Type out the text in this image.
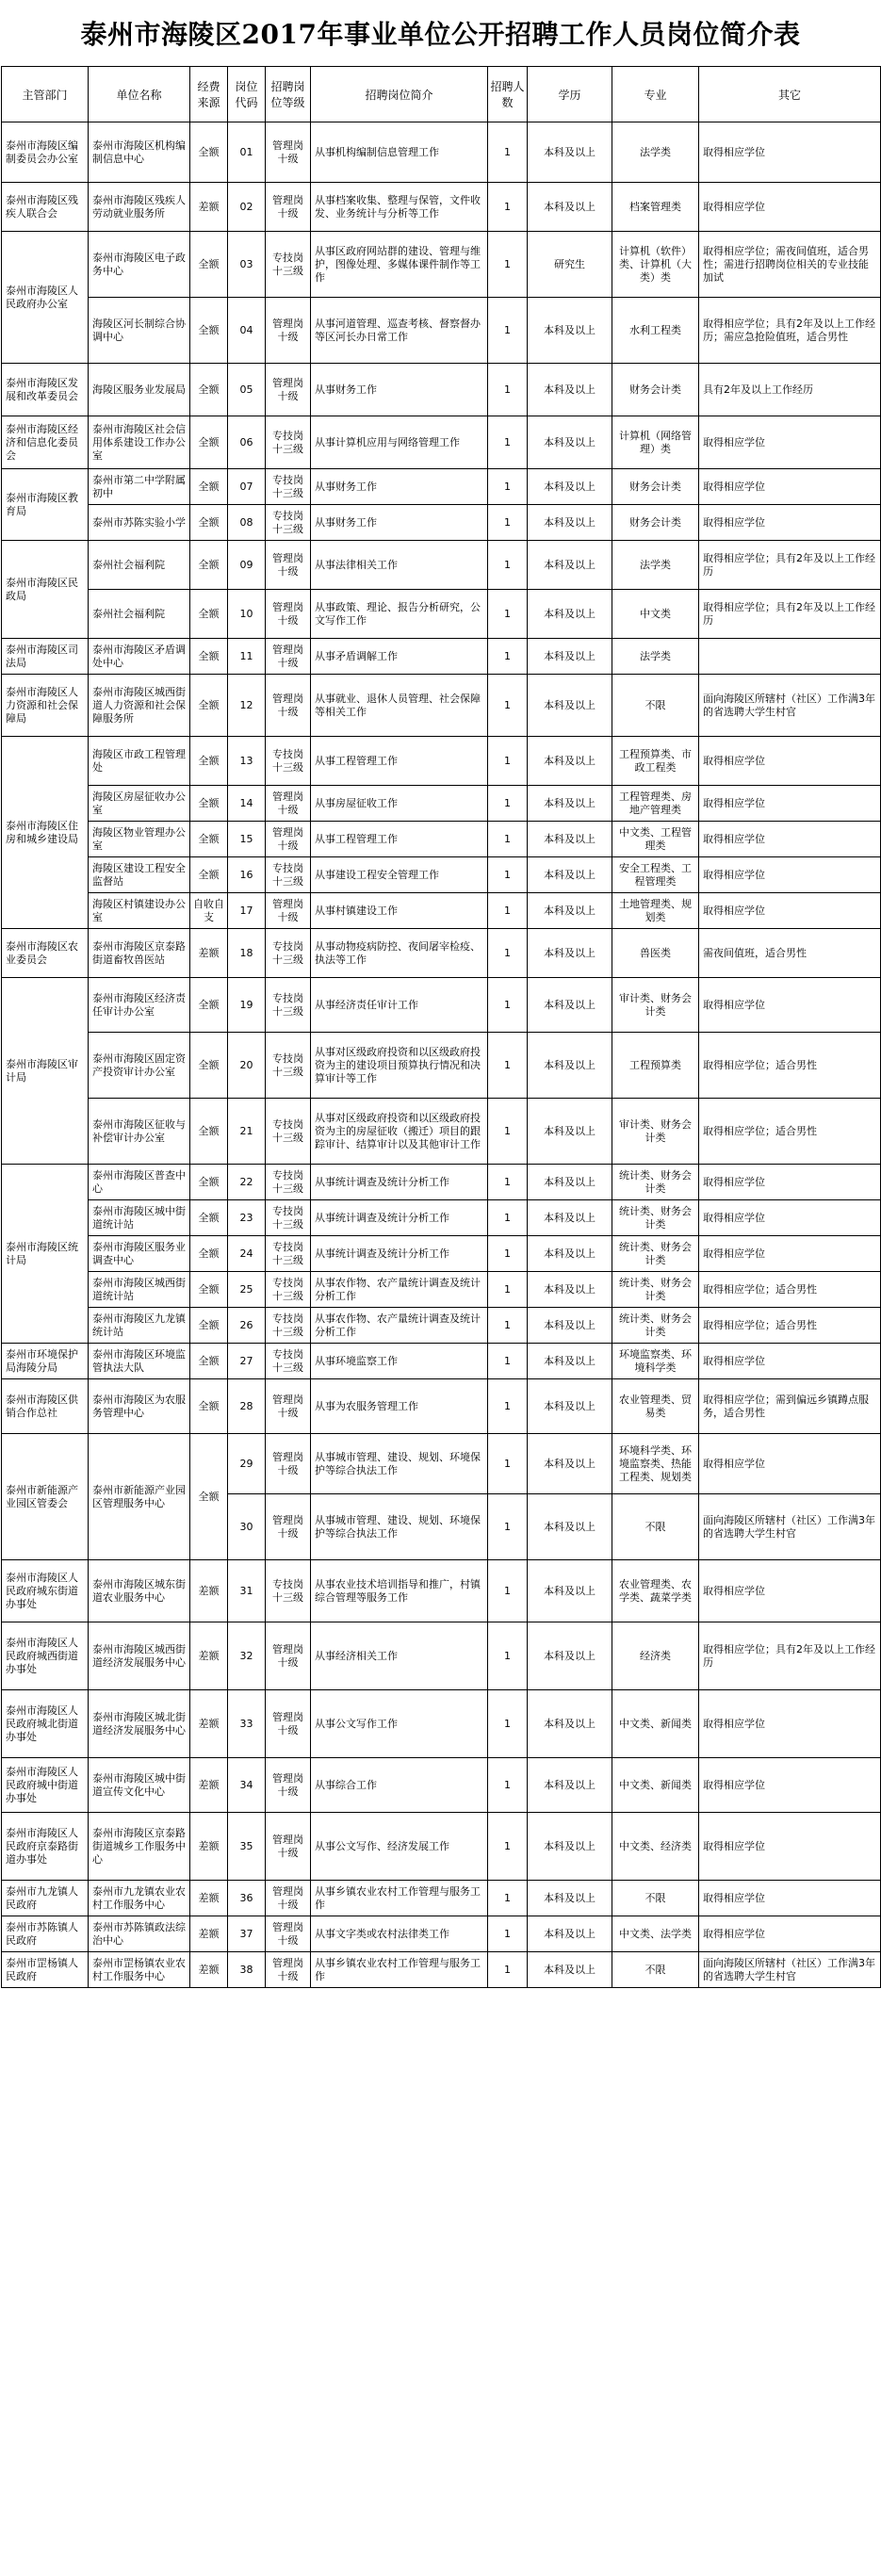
泰州市海陵区2017年事业单位公开招聘工作人员岗位简介表
主管部门	单位名称	经费来源	岗位代码	招聘岗位等级	招聘岗位简介	招聘人数	学历	专业	其它
泰州市海陵区编制委员会办公室	泰州市海陵区机构编制信息中心	全额	01	管理岗十级	从事机构编制信息管理工作	1	本科及以上	法学类	取得相应学位
泰州市海陵区残疾人联合会	泰州市海陵区残疾人劳动就业服务所	差额	02	管理岗十级	从事档案收集、整理与保管，文件收发、业务统计与分析等工作	1	本科及以上	档案管理类	取得相应学位
泰州市海陵区人民政府办公室	泰州市海陵区电子政务中心	全额	03	专技岗十三级	从事区政府网站群的建设、管理与维护，图像处理、多媒体课件制作等工作	1	研究生	计算机（软件）类、计算机（大类）类	取得相应学位；需夜间值班，适合男性；需进行招聘岗位相关的专业技能加试
	海陵区河长制综合协调中心	全额	04	管理岗十级	从事河道管理、巡查考核、督察督办等区河长办日常工作	1	本科及以上	水利工程类	取得相应学位；具有2年及以上工作经历；需应急抢险值班，适合男性
泰州市海陵区发展和改革委员会	海陵区服务业发展局	全额	05	管理岗十级	从事财务工作	1	本科及以上	财务会计类	具有2年及以上工作经历
泰州市海陵区经济和信息化委员会	泰州市海陵区社会信用体系建设工作办公室	全额	06	专技岗十三级	从事计算机应用与网络管理工作	1	本科及以上	计算机（网络管理）类	取得相应学位
泰州市海陵区教育局	泰州市第二中学附属初中	全额	07	专技岗十三级	从事财务工作	1	本科及以上	财务会计类	取得相应学位
	泰州市苏陈实验小学	全额	08	专技岗十三级	从事财务工作	1	本科及以上	财务会计类	取得相应学位
泰州市海陵区民政局	泰州社会福利院	全额	09	管理岗十级	从事法律相关工作	1	本科及以上	法学类	取得相应学位；具有2年及以上工作经历
	泰州社会福利院	全额	10	管理岗十级	从事政策、理论、报告分析研究，公文写作工作	1	本科及以上	中文类	取得相应学位；具有2年及以上工作经历
泰州市海陵区司法局	泰州市海陵区矛盾调处中心	全额	11	管理岗十级	从事矛盾调解工作	1	本科及以上	法学类	
泰州市海陵区人力资源和社会保障局	泰州市海陵区城西街道人力资源和社会保障服务所	全额	12	管理岗十级	从事就业、退休人员管理、社会保障等相关工作	1	本科及以上	不限	面向海陵区所辖村（社区）工作满3年的省选聘大学生村官
泰州市海陵区住房和城乡建设局	海陵区市政工程管理处	全额	13	专技岗十三级	从事工程管理工作	1	本科及以上	工程预算类、市政工程类	取得相应学位
	海陵区房屋征收办公室	全额	14	管理岗十级	从事房屋征收工作	1	本科及以上	工程管理类、房地产管理类	取得相应学位
	海陵区物业管理办公室	全额	15	管理岗十级	从事工程管理工作	1	本科及以上	中文类、工程管理类	取得相应学位
	海陵区建设工程安全监督站	全额	16	专技岗十三级	从事建设工程安全管理工作	1	本科及以上	安全工程类、工程管理类	取得相应学位
	海陵区村镇建设办公室	自收自支	17	管理岗十级	从事村镇建设工作	1	本科及以上	土地管理类、规划类	取得相应学位
泰州市海陵区农业委员会	泰州市海陵区京泰路街道畜牧兽医站	差额	18	专技岗十三级	从事动物疫病防控、夜间屠宰检疫、执法等工作	1	本科及以上	兽医类	需夜间值班，适合男性
泰州市海陵区审计局	泰州市海陵区经济责任审计办公室	全额	19	专技岗十三级	从事经济责任审计工作	1	本科及以上	审计类、财务会计类	取得相应学位
	泰州市海陵区固定资产投资审计办公室	全额	20	专技岗十三级	从事对区级政府投资和以区级政府投资为主的建设项目预算执行情况和决算审计等工作	1	本科及以上	工程预算类	取得相应学位；适合男性
	泰州市海陵区征收与补偿审计办公室	全额	21	专技岗十三级	从事对区级政府投资和以区级政府投资为主的房屋征收（搬迁）项目的跟踪审计、结算审计以及其他审计工作	1	本科及以上	审计类、财务会计类	取得相应学位；适合男性
泰州市海陵区统计局	泰州市海陵区普查中心	全额	22	专技岗十三级	从事统计调查及统计分析工作	1	本科及以上	统计类、财务会计类	取得相应学位
	泰州市海陵区城中街道统计站	全额	23	专技岗十三级	从事统计调查及统计分析工作	1	本科及以上	统计类、财务会计类	取得相应学位
	泰州市海陵区服务业调查中心	全额	24	专技岗十三级	从事统计调查及统计分析工作	1	本科及以上	统计类、财务会计类	取得相应学位
	泰州市海陵区城西街道统计站	全额	25	专技岗十三级	从事农作物、农产量统计调查及统计分析工作	1	本科及以上	统计类、财务会计类	取得相应学位；适合男性
	泰州市海陵区九龙镇统计站	全额	26	专技岗十三级	从事农作物、农产量统计调查及统计分析工作	1	本科及以上	统计类、财务会计类	取得相应学位；适合男性
泰州市环境保护局海陵分局	泰州市海陵区环境监管执法大队	全额	27	专技岗十三级	从事环境监察工作	1	本科及以上	环境监察类、环境科学类	取得相应学位
泰州市海陵区供销合作总社	泰州市海陵区为农服务管理中心	全额	28	管理岗十级	从事为农服务管理工作	1	本科及以上	农业管理类、贸易类	取得相应学位；需到偏远乡镇蹲点服务，适合男性
泰州市新能源产业园区管委会	泰州市新能源产业园区管理服务中心	全额	29	管理岗十级	从事城市管理、建设、规划、环境保护等综合执法工作	1	本科及以上	环境科学类、环境监察类、热能工程类、规划类	取得相应学位
			30	管理岗十级	从事城市管理、建设、规划、环境保护等综合执法工作	1	本科及以上	不限	面向海陵区所辖村（社区）工作满3年的省选聘大学生村官
泰州市海陵区人民政府城东街道办事处	泰州市海陵区城东街道农业服务中心	差额	31	专技岗十三级	从事农业技术培训指导和推广，村镇综合管理等服务工作	1	本科及以上	农业管理类、农学类、蔬菜学类	取得相应学位
泰州市海陵区人民政府城西街道办事处	泰州市海陵区城西街道经济发展服务中心	差额	32	管理岗十级	从事经济相关工作	1	本科及以上	经济类	取得相应学位；具有2年及以上工作经历
泰州市海陵区人民政府城北街道办事处	泰州市海陵区城北街道经济发展服务中心	差额	33	管理岗十级	从事公文写作工作	1	本科及以上	中文类、新闻类	取得相应学位
泰州市海陵区人民政府城中街道办事处	泰州市海陵区城中街道宣传文化中心	差额	34	管理岗十级	从事综合工作	1	本科及以上	中文类、新闻类	取得相应学位
泰州市海陵区人民政府京泰路街道办事处	泰州市海陵区京泰路街道城乡工作服务中心	差额	35	管理岗十级	从事公文写作、经济发展工作	1	本科及以上	中文类、经济类	取得相应学位
泰州市九龙镇人民政府	泰州市九龙镇农业农村工作服务中心	差额	36	管理岗十级	从事乡镇农业农村工作管理与服务工作	1	本科及以上	不限	取得相应学位
泰州市苏陈镇人民政府	泰州市苏陈镇政法综治中心	差额	37	管理岗十级	从事文字类或农村法律类工作	1	本科及以上	中文类、法学类	取得相应学位
泰州市罡杨镇人民政府	泰州市罡杨镇农业农村工作服务中心	差额	38	管理岗十级	从事乡镇农业农村工作管理与服务工作	1	本科及以上	不限	面向海陵区所辖村（社区）工作满3年的省选聘大学生村官
